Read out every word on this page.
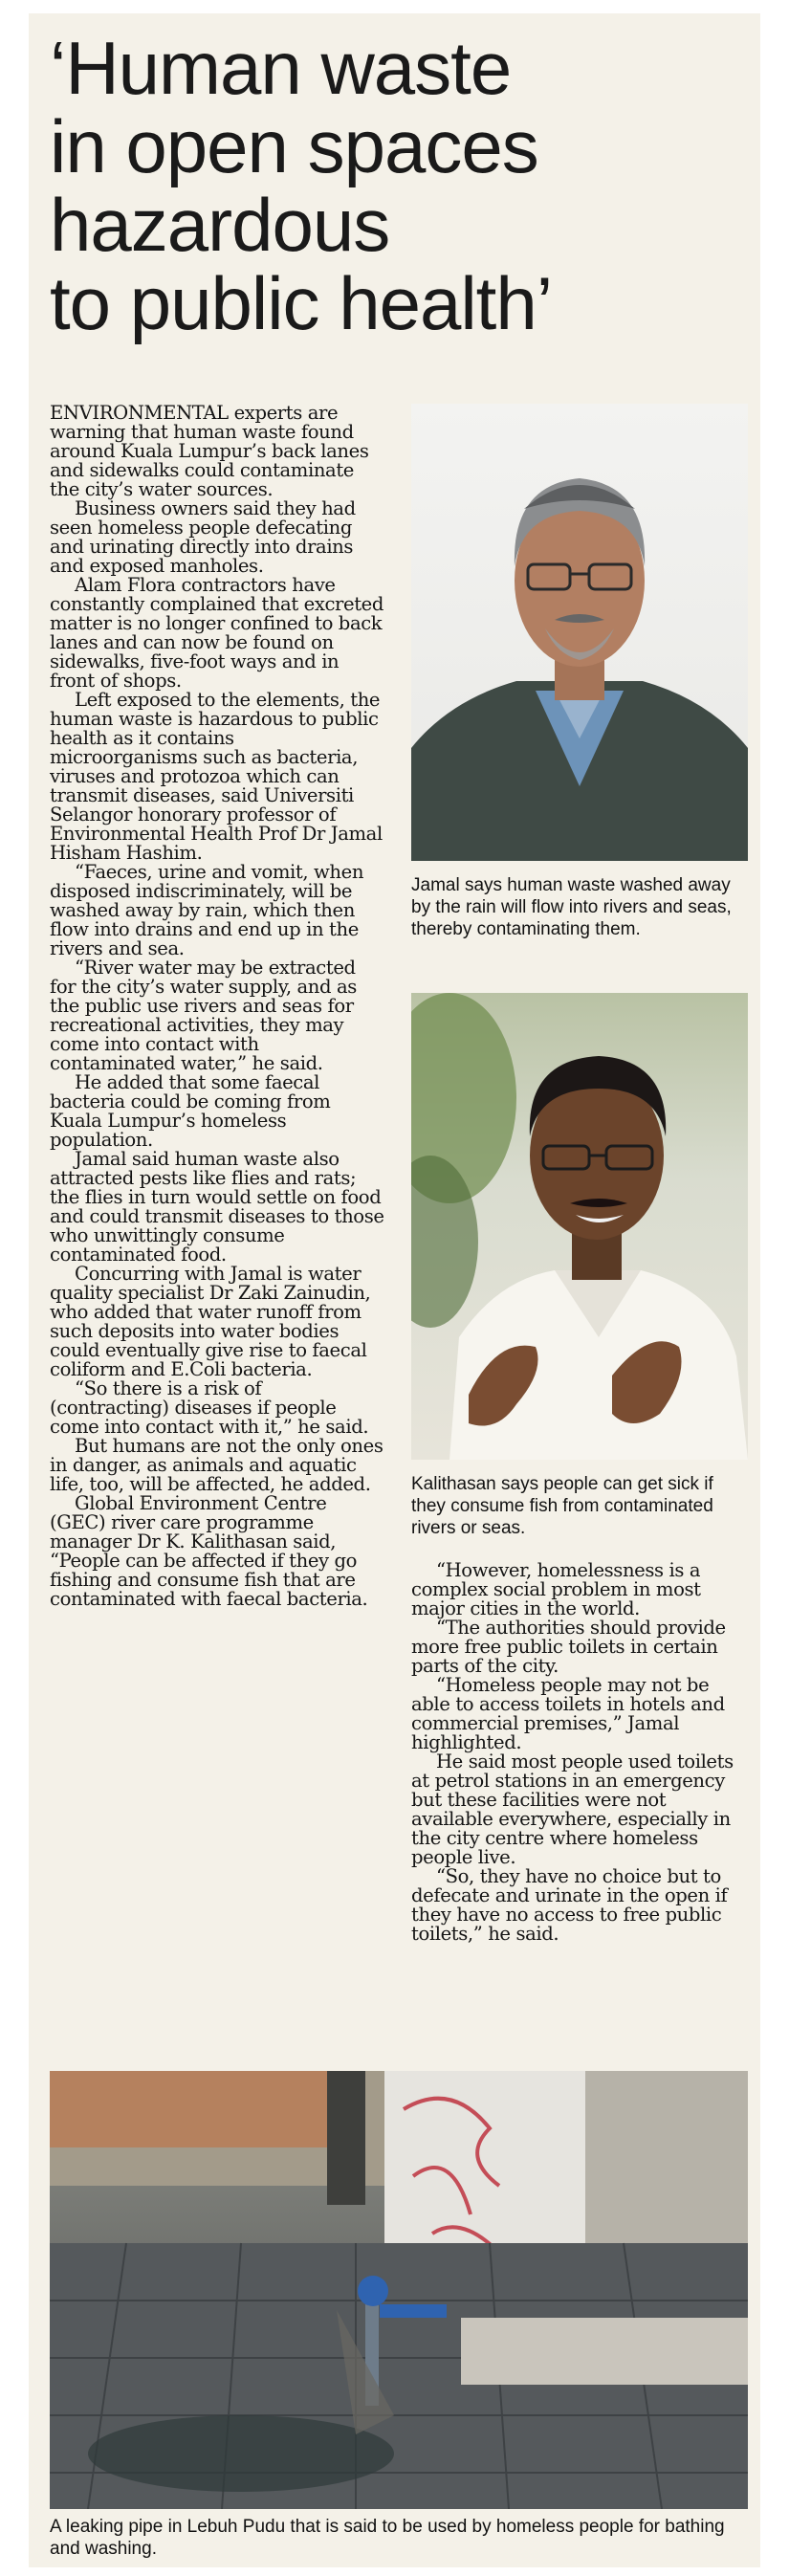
‘Human waste
in open spaces
hazardous
to public health’

ENVIRONMENTAL experts are warning that human waste found around Kuala Lumpur’s back lanes and sidewalks could contaminate the city’s water sources.

Business owners said they had seen homeless people defecating and urinating directly into drains and exposed manholes.

Alam Flora contractors have constantly complained that excreted matter is no longer confined to back lanes and can now be found on sidewalks, five-foot ways and in front of shops.

Left exposed to the elements, the human waste is hazardous to public health as it contains microorganisms such as bacteria, viruses and protozoa which can transmit diseases, said Universiti Selangor honorary professor of Environmental Health Prof Dr Jamal Hisham Hashim.

“Faeces, urine and vomit, when disposed indiscriminately, will be washed away by rain, which then flow into drains and end up in the rivers and sea.

“River water may be extracted for the city’s water supply, and as the public use rivers and seas for recreational activities, they may come into contact with contaminated water,” he said.

He added that some faecal bacteria could be coming from Kuala Lumpur’s homeless population.

Jamal said human waste also attracted pests like flies and rats; the flies in turn would settle on food and could transmit diseases to those who unwittingly consume contaminated food.

Concurring with Jamal is water quality specialist Dr Zaki Zainudin, who added that water runoff from such deposits into water bodies could eventually give rise to faecal coliform and E.Coli bacteria.

“So there is a risk of (contracting) diseases if people come into contact with it,” he said.

But humans are not the only ones in danger, as animals and aquatic life, too, will be affected, he added.

Global Environment Centre (GEC) river care programme manager Dr K. Kalithasan said, “People can be affected if they go fishing and consume fish that are contaminated with faecal bacteria.

Jamal says human waste washed away by the rain will flow into rivers and seas, thereby contaminating them.
Kalithasan says people can get sick if they consume fish from contaminated rivers or seas.

“However, homelessness is a complex social problem in most major cities in the world.

“The authorities should provide more free public toilets in certain parts of the city.

“Homeless people may not be able to access toilets in hotels and commercial premises,” Jamal highlighted.

He said most people used toilets at petrol stations in an emergency but these facilities were not available everywhere, especially in the city centre where homeless people live.

“So, they have no choice but to defecate and urinate in the open if they have no access to free public toilets,” he said.

A leaking pipe in Lebuh Pudu that is said to be used by homeless people for bathing and washing.
